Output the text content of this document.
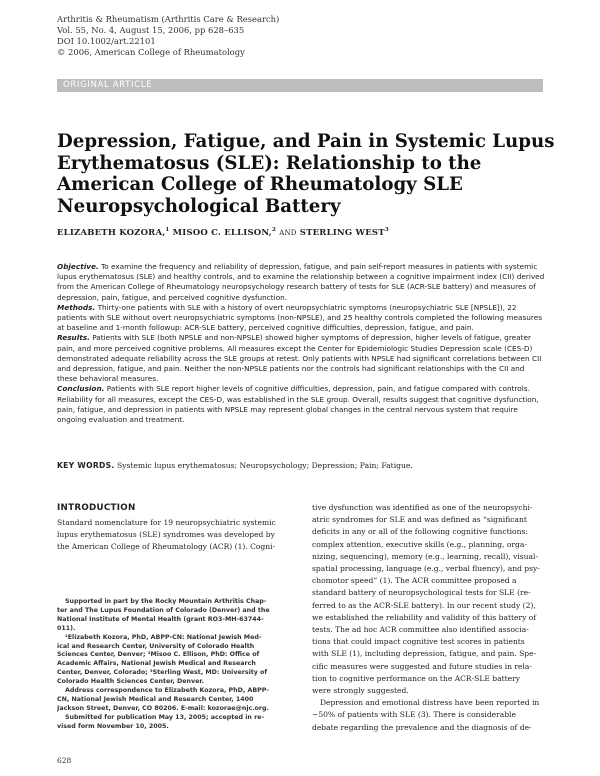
Arthritis & Rheumatism (Arthritis Care & Research)
Vol. 55, No. 4, August 15, 2006, pp 628–635
DOI 10.1002/art.22101
© 2006, American College of Rheumatology
ORIGINAL ARTICLE
Depression, Fatigue, and Pain in Systemic Lupus
Erythematosus (SLE): Relationship to the
American College of Rheumatology SLE
Neuropsychological Battery
ELIZABETH KOZORA,$^1$ MISOO C. ELLISON,$^2$ AND STERLING WEST$^3$

Objective. To examine the frequency and reliability of depression, fatigue, and pain self-report measures in patients with systemic lupus erythematosus (SLE) and healthy controls, and to examine the relationship between a cognitive impairment index (CII) derived from the American College of Rheumatology neuropsychology research battery of tests for SLE (ACR-SLE battery) and measures of depression, pain, fatigue, and perceived cognitive dysfunction.

Methods. Thirty-one patients with SLE with a history of overt neuropsychiatric symptoms (neuropsychiatric SLE [NPSLE]), 22 patients with SLE without overt neuropsychiatric symptoms (non-NPSLE), and 25 healthy controls completed the following measures at baseline and 1-month followup: ACR-SLE battery, perceived cognitive difficulties, depression, fatigue, and pain.

Results. Patients with SLE (both NPSLE and non-NPSLE) showed higher symptoms of depression, higher levels of fatigue, greater pain, and more perceived cognitive problems. All measures except the Center for Epidemiologic Studies Depression scale (CES-D) demonstrated adequate reliability across the SLE groups at retest. Only patients with NPSLE had significant correlations between CII and depression, fatigue, and pain. Neither the non-NPSLE patients nor the controls had significant relationships with the CII and these behavioral measures.

Conclusion. Patients with SLE report higher levels of cognitive difficulties, depression, pain, and fatigue compared with controls. Reliability for all measures, except the CES-D, was established in the SLE group. Overall, results suggest that cognitive dysfunction, pain, fatigue, and depression in patients with NPSLE may represent global changes in the central nervous system that require ongoing evaluation and treatment.

KEY WORDS. Systemic lupus erythematosus; Neuropsychology; Depression; Pain; Fatigue.
INTRODUCTION
Standard nomenclature for 19 neuropsychiatric systemic
lupus erythematosus (SLE) syndromes was developed by
the American College of Rheumatology (ACR) (1). Cogni-
Supported in part by the Rocky Mountain Arthritis Chap-
ter and The Lupus Foundation of Colorado (Denver) and the
National Institute of Mental Health (grant RO3-MH-63744-
011).
¹Elizabeth Kozora, PhD, ABPP-CN: National Jewish Med-
ical and Research Center, University of Colorado Health
Sciences Center, Denver; ²Misoo C. Ellison, PhD: Office of
Academic Affairs, National Jewish Medical and Research
Center, Denver, Colorado; ³Sterling West, MD: University of
Colorado Health Sciences Center, Denver.
Address correspondence to Elizabeth Kozora, PhD, ABPP-
CN, National Jewish Medical and Research Center, 1400
Jackson Street, Denver, CO 80206. E-mail: kozorae@njc.org.
Submitted for publication May 13, 2005; accepted in re-
vised form November 10, 2005.
tive dysfunction was identified as one of the neuropsychi-
atric syndromes for SLE and was defined as “significant
deficits in any or all of the following cognitive functions:
complex attention, executive skills (e.g., planning, orga-
nizing, sequencing), memory (e.g., learning, recall), visual-
spatial processing, language (e.g., verbal fluency), and psy-
chomotor speed” (1). The ACR committee proposed a
standard battery of neuropsychological tests for SLE (re-
ferred to as the ACR-SLE battery). In our recent study (2),
we established the reliability and validity of this battery of
tests. The ad hoc ACR committee also identified associa-
tions that could impact cognitive test scores in patients
with SLE (1), including depression, fatigue, and pain. Spe-
cific measures were suggested and future studies in rela-
tion to cognitive performance on the ACR-SLE battery
were strongly suggested.
Depression and emotional distress have been reported in
~50% of patients with SLE (3). There is considerable
debate regarding the prevalence and the diagnosis of de-
628
